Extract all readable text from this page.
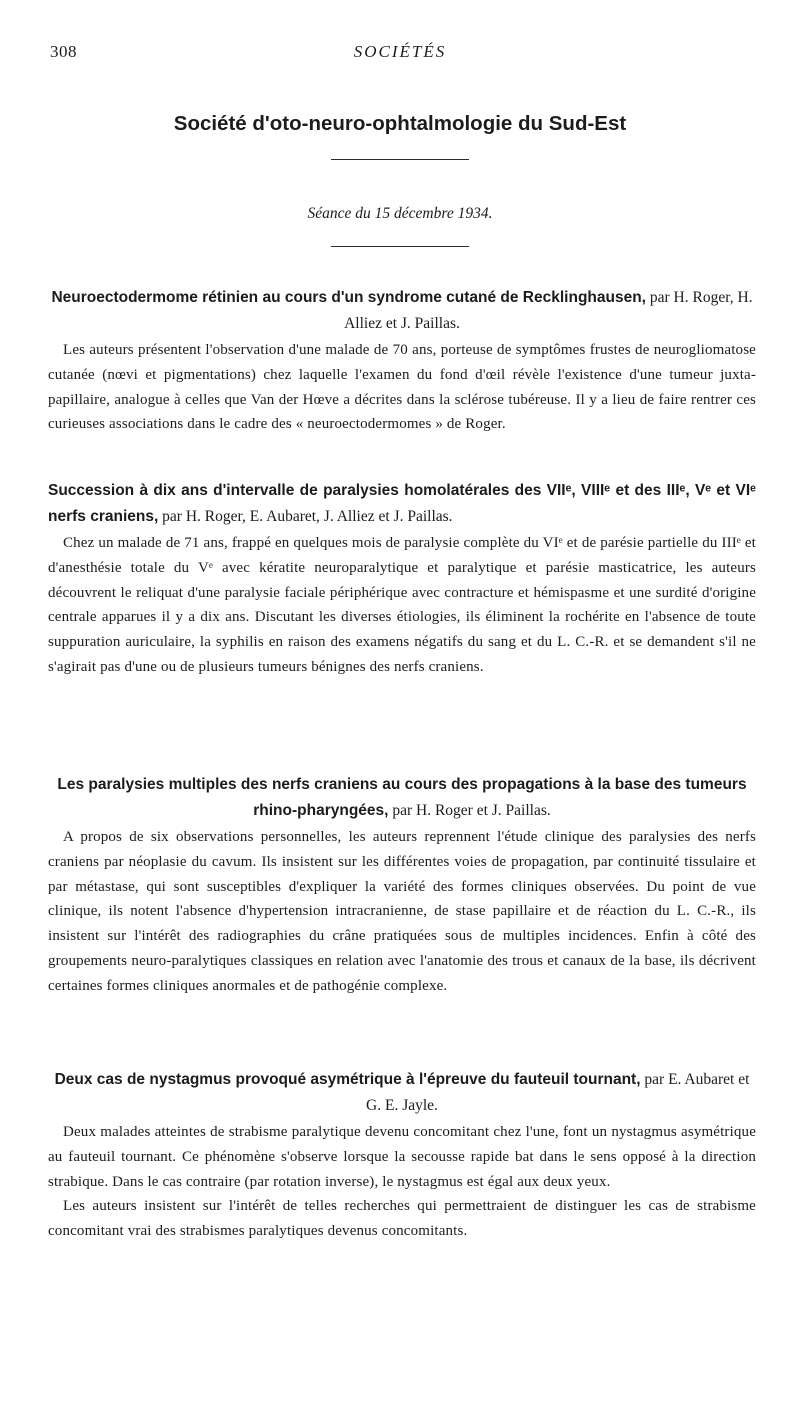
308	SOCIÉTÉS
Société d'oto-neuro-ophtalmologie du Sud-Est
Séance du 15 décembre 1934.

Neuroectodermome rétinien au cours d'un syndrome cutané de Recklinghausen, par H. Roger, H. Alliez et J. Paillas.

Les auteurs présentent l'observation d'une malade de 70 ans, porteuse de symptômes frustes de neurogliomatose cutanée (nœvi et pigmentations) chez laquelle l'examen du fond d'œil révèle l'existence d'une tumeur juxta-papillaire, analogue à celles que Van der Hœve a décrites dans la sclérose tubéreuse. Il y a lieu de faire rentrer ces curieuses associations dans le cadre des « neuroectodermomes » de Roger.

Succession à dix ans d'intervalle de paralysies homolatérales des VIIᵉ, VIIIᵉ et des IIIᵉ, Vᵉ et VIᵉ nerfs craniens, par H. Roger, E. Aubaret, J. Alliez et J. Paillas.

Chez un malade de 71 ans, frappé en quelques mois de paralysie complète du VIᵉ et de parésie partielle du IIIᵉ et d'anesthésie totale du Vᵉ avec kératite neuroparalytique et paralytique et parésie masticatrice, les auteurs découvrent le reliquat d'une paralysie faciale périphérique avec contracture et hémispasme et une surdité d'origine centrale apparues il y a dix ans. Discutant les diverses étiologies, ils éliminent la rochérite en l'absence de toute suppuration auriculaire, la syphilis en raison des examens négatifs du sang et du L. C.-R. et se demandent s'il ne s'agirait pas d'une ou de plusieurs tumeurs bénignes des nerfs craniens.

Les paralysies multiples des nerfs craniens au cours des propagations à la base des tumeurs rhino-pharyngées, par H. Roger et J. Paillas.

A propos de six observations personnelles, les auteurs reprennent l'étude clinique des paralysies des nerfs craniens par néoplasie du cavum. Ils insistent sur les différentes voies de propagation, par continuité tissulaire et par métastase, qui sont susceptibles d'expliquer la variété des formes cliniques observées. Du point de vue clinique, ils notent l'absence d'hypertension intracranienne, de stase papillaire et de réaction du L. C.-R., ils insistent sur l'intérêt des radiographies du crâne pratiquées sous de multiples incidences. Enfin à côté des groupements neuro-paralytiques classiques en relation avec l'anatomie des trous et canaux de la base, ils décrivent certaines formes cliniques anormales et de pathogénie complexe.

Deux cas de nystagmus provoqué asymétrique à l'épreuve du fauteuil tournant, par E. Aubaret et G. E. Jayle.

Deux malades atteintes de strabisme paralytique devenu concomitant chez l'une, font un nystagmus asymétrique au fauteuil tournant. Ce phénomène s'observe lorsque la secousse rapide bat dans le sens opposé à la direction strabique. Dans le cas contraire (par rotation inverse), le nystagmus est égal aux deux yeux.

Les auteurs insistent sur l'intérêt de telles recherches qui permettraient de distinguer les cas de strabisme concomitant vrai des strabismes paralytiques devenus concomitants.
